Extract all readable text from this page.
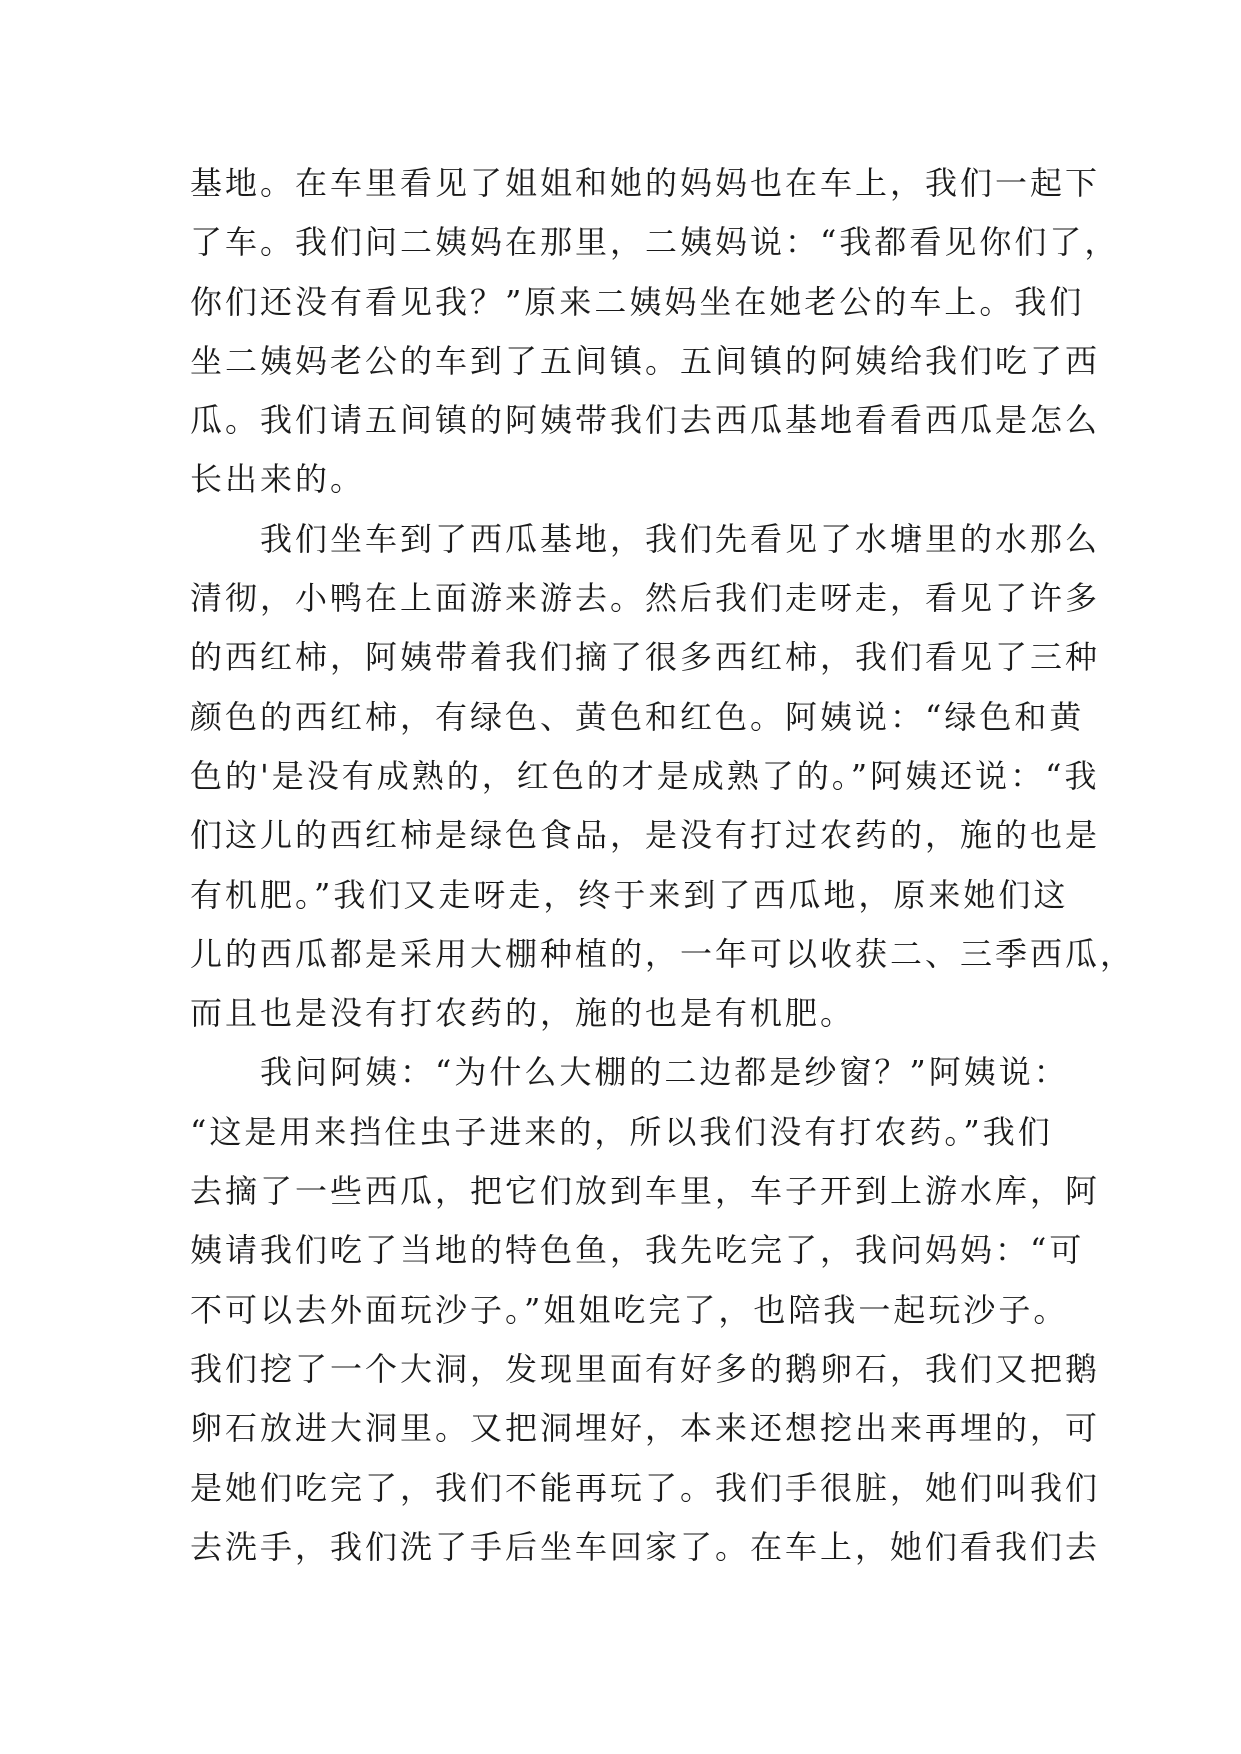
基地。在车里看见了姐姐和她的妈妈也在车上，我们一起下
了车。我们问二姨妈在那里，二姨妈说：“我都看见你们了，
你们还没有看见我？”原来二姨妈坐在她老公的车上。我们
坐二姨妈老公的车到了五间镇。五间镇的阿姨给我们吃了西
瓜。我们请五间镇的阿姨带我们去西瓜基地看看西瓜是怎么
长出来的。
我们坐车到了西瓜基地，我们先看见了水塘里的水那么
清彻，小鸭在上面游来游去。然后我们走呀走，看见了许多
的西红柿，阿姨带着我们摘了很多西红柿，我们看见了三种
颜色的西红柿，有绿色、黄色和红色。阿姨说：“绿色和黄
色的'是没有成熟的，红色的才是成熟了的。”阿姨还说：“我
们这儿的西红柿是绿色食品，是没有打过农药的，施的也是
有机肥。”我们又走呀走，终于来到了西瓜地，原来她们这
儿的西瓜都是采用大棚种植的，一年可以收获二、三季西瓜，
而且也是没有打农药的，施的也是有机肥。
我问阿姨：“为什么大棚的二边都是纱窗？”阿姨说：
“这是用来挡住虫子进来的，所以我们没有打农药。”我们
去摘了一些西瓜，把它们放到车里，车子开到上游水库，阿
姨请我们吃了当地的特色鱼，我先吃完了，我问妈妈：“可
不可以去外面玩沙子。”姐姐吃完了，也陪我一起玩沙子。
我们挖了一个大洞，发现里面有好多的鹅卵石，我们又把鹅
卵石放进大洞里。又把洞埋好，本来还想挖出来再埋的，可
是她们吃完了，我们不能再玩了。我们手很脏，她们叫我们
去洗手，我们洗了手后坐车回家了。在车上，她们看我们去
